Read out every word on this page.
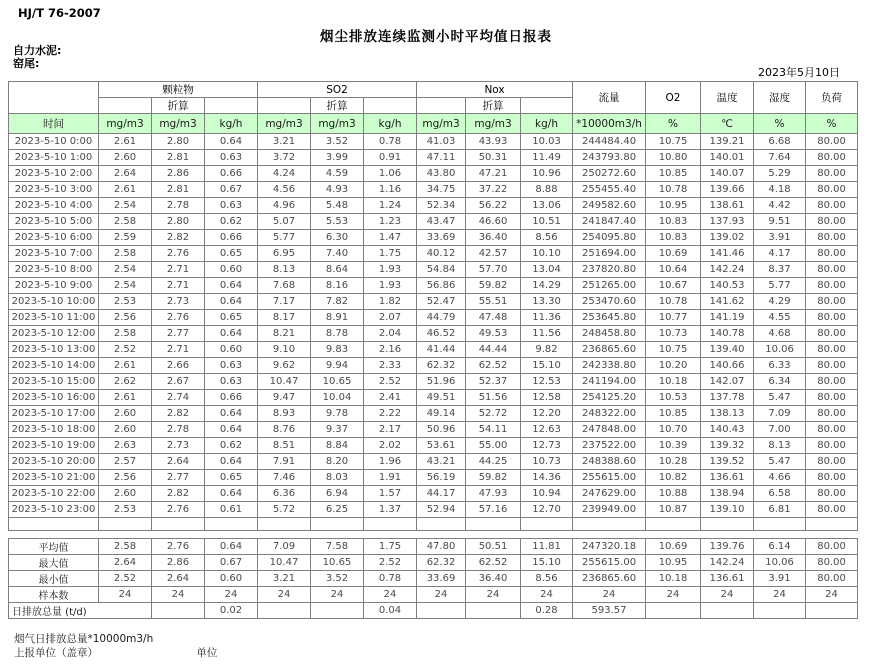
HJ/T 76-2007
烟尘排放连续监测小时平均值日报表
自力水泥:
窑尾:
2023年5月10日
	颗粒物			SO2			Nox			流量	O2	温度	湿度	负荷
		折算			折算			折算						
时间	mg/m3	mg/m3	kg/h	mg/m3	mg/m3	kg/h	mg/m3	mg/m3	kg/h	*10000m3/h	%	℃	%	%
2023-5-10 0:00	2.61	2.80	0.64	3.21	3.52	0.78	41.03	43.93	10.03	244484.40	10.75	139.21	6.68	80.00
2023-5-10 1:00	2.60	2.81	0.63	3.72	3.99	0.91	47.11	50.31	11.49	243793.80	10.80	140.01	7.64	80.00
2023-5-10 2:00	2.64	2.86	0.66	4.24	4.59	1.06	43.80	47.21	10.96	250272.60	10.85	140.07	5.29	80.00
2023-5-10 3:00	2.61	2.81	0.67	4.56	4.93	1.16	34.75	37.22	8.88	255455.40	10.78	139.66	4.18	80.00
2023-5-10 4:00	2.54	2.78	0.63	4.96	5.48	1.24	52.34	56.22	13.06	249582.60	10.95	138.61	4.42	80.00
2023-5-10 5:00	2.58	2.80	0.62	5.07	5.53	1.23	43.47	46.60	10.51	241847.40	10.83	137.93	9.51	80.00
2023-5-10 6:00	2.59	2.82	0.66	5.77	6.30	1.47	33.69	36.40	8.56	254095.80	10.83	139.02	3.91	80.00
2023-5-10 7:00	2.58	2.76	0.65	6.95	7.40	1.75	40.12	42.57	10.10	251694.00	10.69	141.46	4.17	80.00
2023-5-10 8:00	2.54	2.71	0.60	8.13	8.64	1.93	54.84	57.70	13.04	237820.80	10.64	142.24	8.37	80.00
2023-5-10 9:00	2.54	2.71	0.64	7.68	8.16	1.93	56.86	59.82	14.29	251265.00	10.67	140.53	5.77	80.00
2023-5-10 10:00	2.53	2.73	0.64	7.17	7.82	1.82	52.47	55.51	13.30	253470.60	10.78	141.62	4.29	80.00
2023-5-10 11:00	2.56	2.76	0.65	8.17	8.91	2.07	44.79	47.48	11.36	253645.80	10.77	141.19	4.55	80.00
2023-5-10 12:00	2.58	2.77	0.64	8.21	8.78	2.04	46.52	49.53	11.56	248458.80	10.73	140.78	4.68	80.00
2023-5-10 13:00	2.52	2.71	0.60	9.10	9.83	2.16	41.44	44.44	9.82	236865.60	10.75	139.40	10.06	80.00
2023-5-10 14:00	2.61	2.66	0.63	9.62	9.94	2.33	62.32	62.52	15.10	242338.80	10.20	140.66	6.33	80.00
2023-5-10 15:00	2.62	2.67	0.63	10.47	10.65	2.52	51.96	52.37	12.53	241194.00	10.18	142.07	6.34	80.00
2023-5-10 16:00	2.61	2.74	0.66	9.47	10.04	2.41	49.51	51.56	12.58	254125.20	10.53	137.78	5.47	80.00
2023-5-10 17:00	2.60	2.82	0.64	8.93	9.78	2.22	49.14	52.72	12.20	248322.00	10.85	138.13	7.09	80.00
2023-5-10 18:00	2.60	2.78	0.64	8.76	9.37	2.17	50.96	54.11	12.63	247848.00	10.70	140.43	7.00	80.00
2023-5-10 19:00	2.63	2.73	0.62	8.51	8.84	2.02	53.61	55.00	12.73	237522.00	10.39	139.32	8.13	80.00
2023-5-10 20:00	2.57	2.64	0.64	7.91	8.20	1.96	43.21	44.25	10.73	248388.60	10.28	139.52	5.47	80.00
2023-5-10 21:00	2.56	2.77	0.65	7.46	8.03	1.91	56.19	59.82	14.36	255615.00	10.82	136.61	4.66	80.00
2023-5-10 22:00	2.60	2.82	0.64	6.36	6.94	1.57	44.17	47.93	10.94	247629.00	10.88	138.94	6.58	80.00
2023-5-10 23:00	2.53	2.76	0.61	5.72	6.25	1.37	52.94	57.16	12.70	239949.00	10.87	139.10	6.81	80.00

平均值	2.58	2.76	0.64	7.09	7.58	1.75	47.80	50.51	11.81	247320.18	10.69	139.76	6.14	80.00
最大值	2.64	2.86	0.67	10.47	10.65	2.52	62.32	62.52	15.10	255615.00	10.95	142.24	10.06	80.00
最小值	2.52	2.64	0.60	3.21	3.52	0.78	33.69	36.40	8.56	236865.60	10.18	136.61	3.91	80.00
样本数	24	24	24	24	24	24	24	24	24	24	24	24	24	24
日排放总量 (t/d)			0.02			0.04			0.28	593.57				
烟气日排放总量*10000m3/h
上报单位（盖章）	单位
